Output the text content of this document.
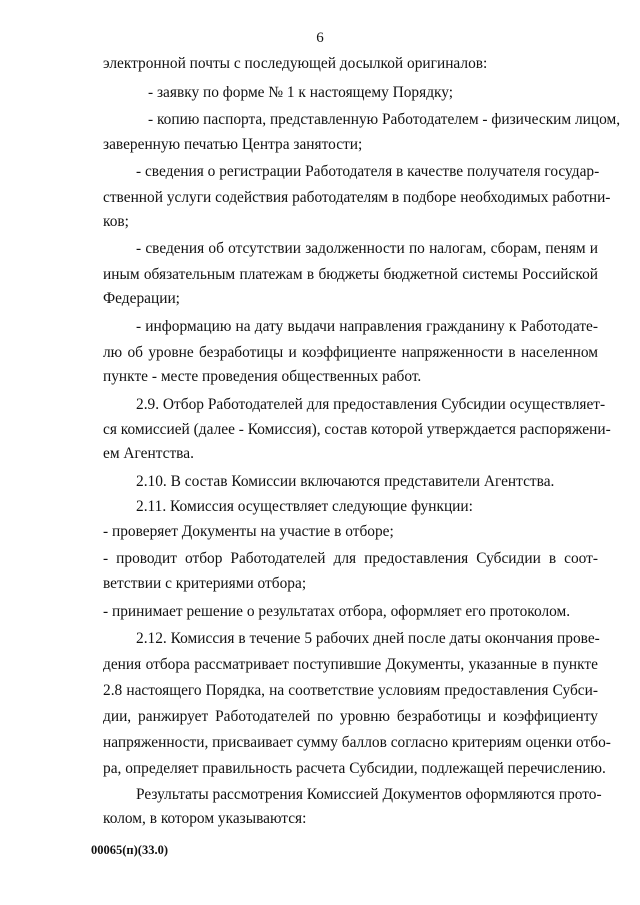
6
электронной почты с последующей досылкой оригиналов:
- заявку по форме № 1 к настоящему Порядку;
- копию паспорта, представленную Работодателем - физическим лицом,
заверенную печатью Центра занятости;
- сведения о регистрации Работодателя в качестве получателя государ-
ственной услуги содействия работодателям в подборе необходимых работни-
ков;
- сведения об отсутствии задолженности по налогам, сборам, пеням и
иным обязательным платежам в бюджеты бюджетной системы Российской
Федерации;
- информацию на дату выдачи направления гражданину к Работодате-
лю об уровне безработицы и коэффициенте напряженности в населенном
пункте - месте проведения общественных работ.
2.9. Отбор Работодателей для предоставления Субсидии осуществляет-
ся комиссией (далее - Комиссия), состав которой утверждается распоряжени-
ем Агентства.
2.10. В состав Комиссии включаются представители Агентства.
2.11. Комиссия осуществляет следующие функции:
- проверяет Документы на участие в отборе;
- проводит отбор Работодателей для предоставления Субсидии в соот-
ветствии с критериями отбора;
- принимает решение о результатах отбора, оформляет его протоколом.
2.12. Комиссия в течение 5 рабочих дней после даты окончания прове-
дения отбора рассматривает поступившие Документы, указанные в пункте
2.8 настоящего Порядка, на соответствие условиям предоставления Субси-
дии, ранжирует Работодателей по уровню безработицы и коэффициенту
напряженности, присваивает сумму баллов согласно критериям оценки отбо-
ра, определяет правильность расчета Субсидии, подлежащей перечислению.
Результаты рассмотрения Комиссией Документов оформляются прото-
колом, в котором указываются:
00065(п)(33.0)
